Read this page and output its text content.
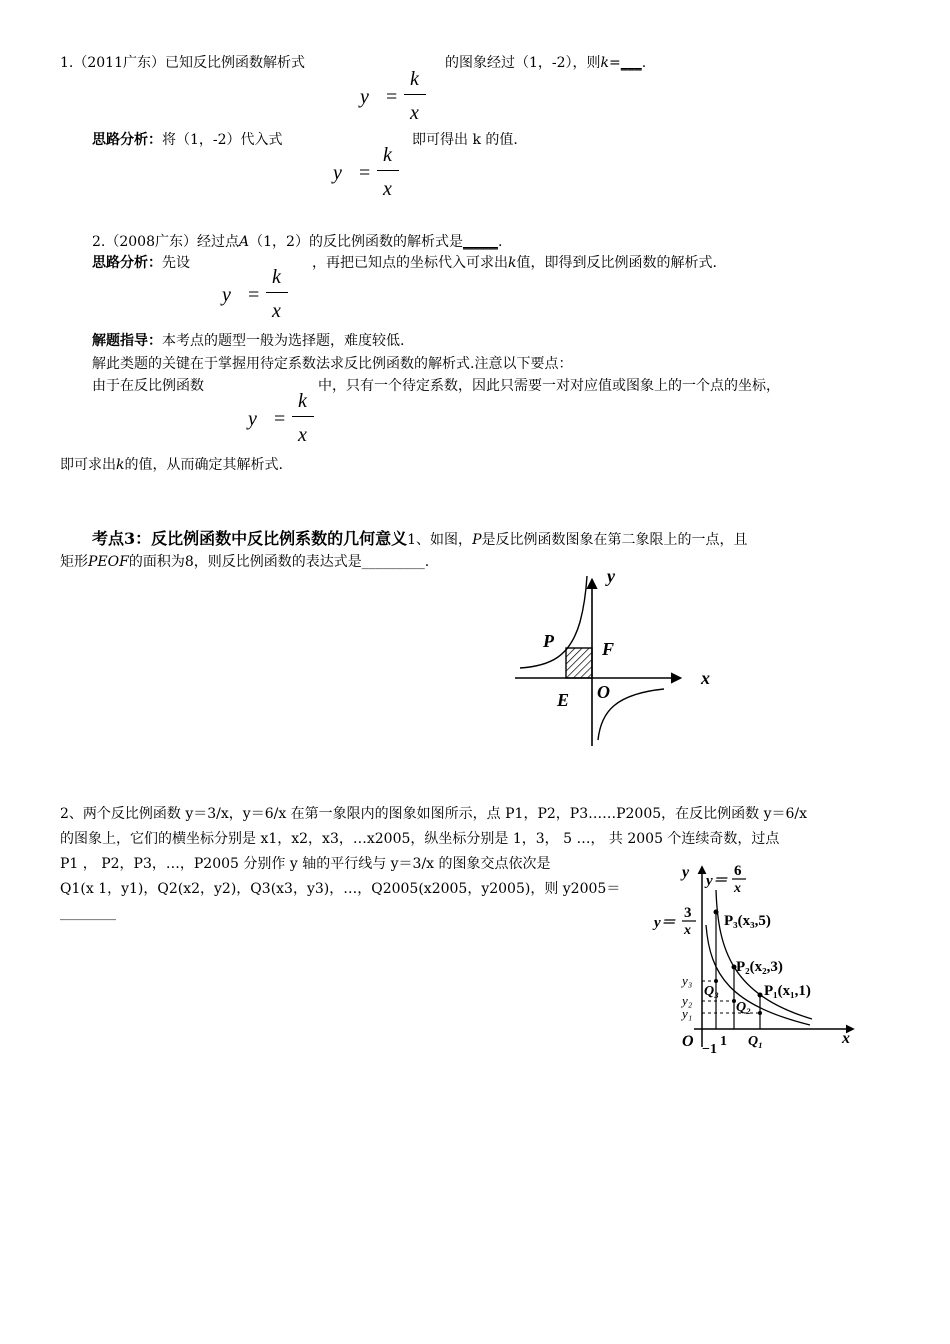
1.（2011广东）已知反比例函数解析式	的图象经过（1，-2），则k=___.
y =
k
x
思路分析：将（1，-2）代入式	即可得出 k 的值.
y =
k
x
2.（2008广东）经过点A（1，2）的反比例函数的解析式是_____.
思路分析：先设	，再把已知点的坐标代入可求出k值，即得到反比例函数的解析式.
y =
k
x
解题指导：本考点的题型一般为选择题，难度较低.
解此类题的关键在于掌握用待定系数法求反比例函数的解析式.注意以下要点：
由于在反比例函数	中，只有一个待定系数，因此只需要一对对应值或图象上的一个点的坐标，
y =
k
x
即可求出k的值，从而确定其解析式.
考点3：反比例函数中反比例系数的几何意义1、如图，P是反比例函数图象在第二象限上的一点，且
矩形PEOF的面积为8，则反比例函数的表达式是_________.
y
x
P	F
E O
2、两个反比例函数 y＝3/x，y＝6/x 在第一象限内的图象如图所示，点 P1，P2，P3……P2005，在反比例函数 y＝6/x
的图象上，它们的横坐标分别是 x1，x2，x3，…x2005，纵坐标分别是 1，3， 5 …， 共 2005 个连续奇数，过点
P1 ， P2，P3，…，P2005 分别作 y 轴的平行线与 y＝3/x 的图象交点依次是
Q1(x 1，y1)，Q2(x2，y2)，Q3(x3，y3)，…，Q2005(x2005，y2005)，则 y2005＝
________
y y＝
6
x
y＝
3
x
P₃(x₃,5)
P₂(x₂,3)
P₁(x₁,1)
Q₃
Q₂
Q₁
y₃
y₂
y₁
O −1
1	x
